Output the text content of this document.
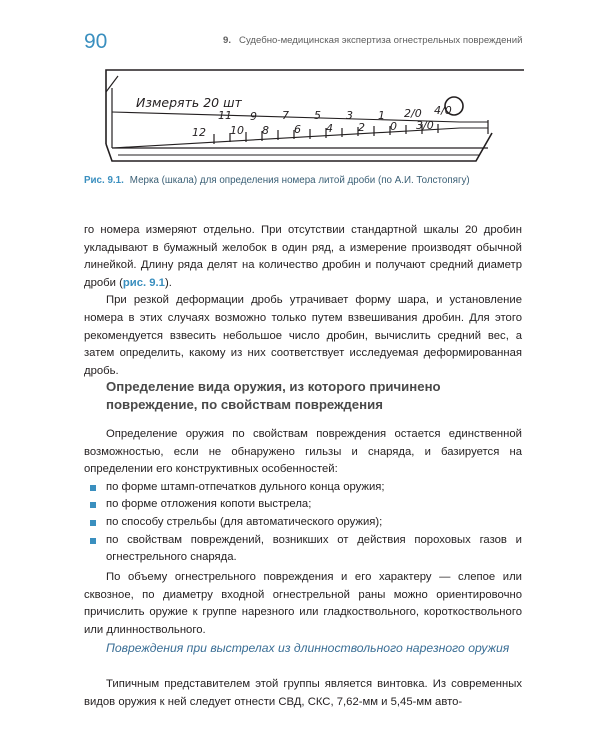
90	9. Судебно-медицинская экспертиза огнестрельных повреждений
Измерять 20 шт
11 9 7 5 3 1 2/0 4/0
12 10 8 6 4 2 0 3/0
Рис. 9.1. Мерка (шкала) для определения номера литой дроби (по А.И. Толстопягу)

го номера измеряют отдельно. При отсутствии стандартной шкалы 20 дробин укладывают в бумажный желобок в один ряд, а измерение производят обычной линейкой. Длину ряда делят на количество дробин и получают средний диаметр дроби (рис. 9.1).

При резкой деформации дробь утрачивает форму шара, и установление номера в этих случаях возможно только путем взвешивания дробин. Для этого рекомендуется взвесить небольшое число дробин, вычислить средний вес, а затем определить, какому из них соответствует исследуемая деформированная дробь.

Определение вида оружия, из которого причинено повреждение, по свойствам повреждения

Определение оружия по свойствам повреждения остается единственной возможностью, если не обнаружено гильзы и снаряда, и базируется на определении его конструктивных особенностей:

по форме штамп-отпечатков дульного конца оружия;
по форме отложения копоти выстрела;
по способу стрельбы (для автоматического оружия);
по свойствам повреждений, возникших от действия пороховых газов и огнестрельного снаряда.

По объему огнестрельного повреждения и его характеру — слепое или сквозное, по диаметру входной огнестрельной раны можно ориентировочно причислить оружие к группе нарезного или гладкоствольного, короткоствольного или длинноствольного.

Повреждения при выстрелах из длинноствольного нарезного оружия

Типичным представителем этой группы является винтовка. Из современных видов оружия к ней следует отнести СВД, СКС, 7,62-мм и 5,45-мм авто-
